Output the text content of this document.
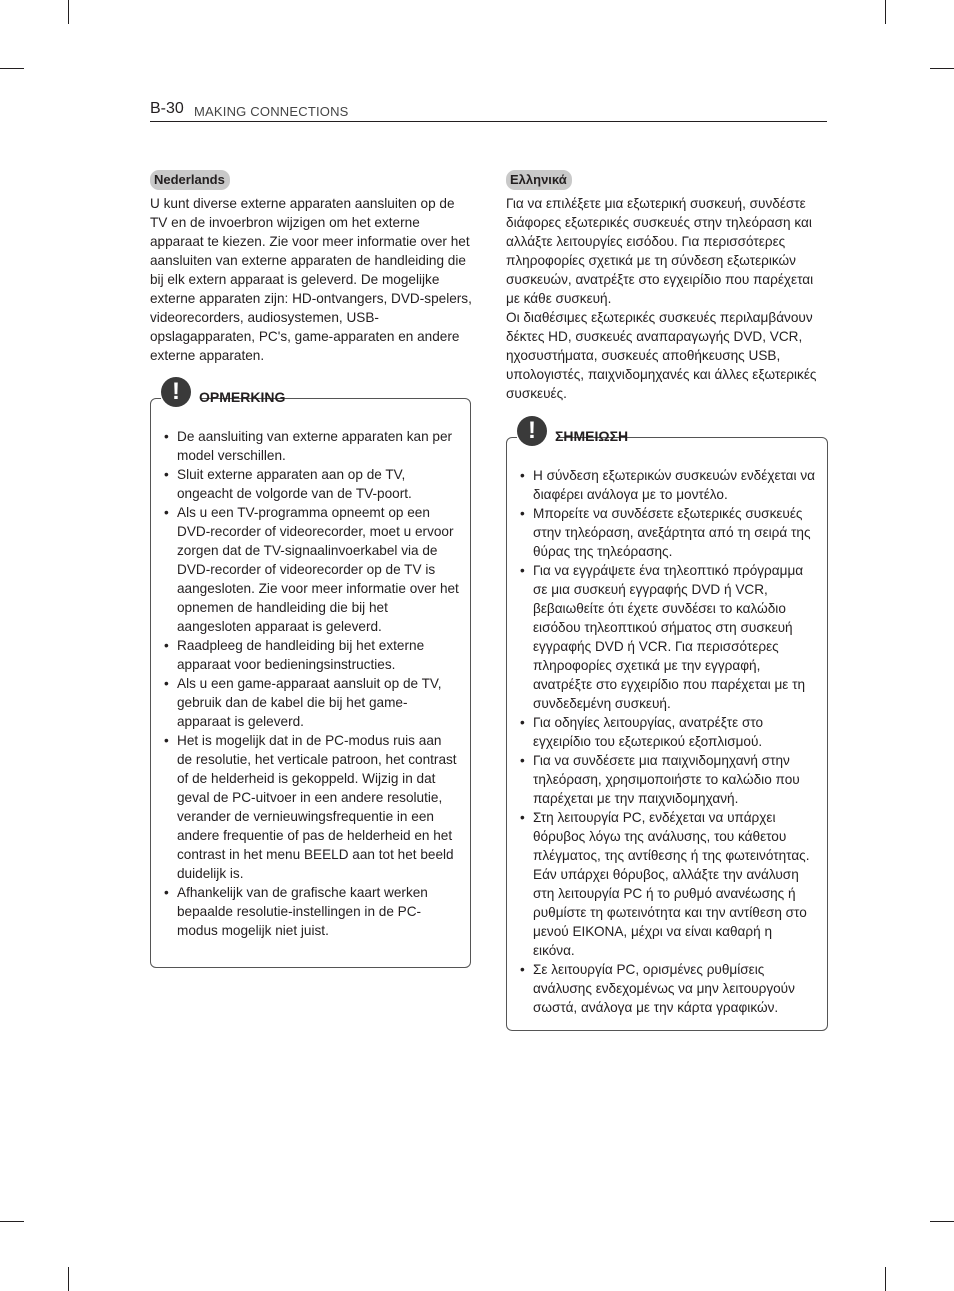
B-30 MAKING CONNECTIONS
Nederlands

U kunt diverse externe apparaten aansluiten op de TV en de invoerbron wijzigen om het externe apparaat te kiezen. Zie voor meer informatie over het aansluiten van externe apparaten de handleiding die bij elk extern apparaat is geleverd. De mogelijke externe apparaten zijn: HD-ontvangers, DVD-spelers, videorecorders, audiosystemen, USB-opslagapparaten, PC's, game-apparaten en andere externe apparaten.

!	OPMERKING
• De aansluiting van externe apparaten kan per model verschillen.
• Sluit externe apparaten aan op de TV, ongeacht de volgorde van de TV-poort.
• Als u een TV-programma opneemt op een DVD-recorder of videorecorder, moet u ervoor zorgen dat de TV-signaalinvoerkabel via de DVD-recorder of videorecorder op de TV is aangesloten. Zie voor meer informatie over het opnemen de handleiding die bij het aangesloten apparaat is geleverd.
• Raadpleeg de handleiding bij het externe apparaat voor bedieningsinstructies.
• Als u een game-apparaat aansluit op de TV, gebruik dan de kabel die bij het game-apparaat is geleverd.
• Het is mogelijk dat in de PC-modus ruis aan de resolutie, het verticale patroon, het contrast of de helderheid is gekoppeld. Wijzig in dat geval de PC-uitvoer in een andere resolutie, verander de vernieuwingsfrequentie in een andere frequentie of pas de helderheid en het contrast in het menu BEELD aan tot het beeld duidelijk is.
• Afhankelijk van de grafische kaart werken bepaalde resolutie-instellingen in de PC-modus mogelijk niet juist.
Ελληνικά

Για να επιλέξετε μια εξωτερική συσκευή, συνδέστε διάφορες εξωτερικές συσκευές στην τηλεόραση και αλλάξτε λειτουργίες εισόδου. Για περισσότερες πληροφορίες σχετικά με τη σύνδεση εξωτερικών συσκευών, ανατρέξτε στο εγχειρίδιο που παρέχεται με κάθε συσκευή.

Οι διαθέσιμες εξωτερικές συσκευές περιλαμβάνουν δέκτες HD, συσκευές αναπαραγωγής DVD, VCR, ηχοσυστήματα, συσκευές αποθήκευσης USB, υπολογιστές, παιχνιδομηχανές και άλλες εξωτερικές συσκευές.

!	ΣΗΜΕΙΩΣΗ
• Η σύνδεση εξωτερικών συσκευών ενδέχεται να διαφέρει ανάλογα με το μοντέλο.
• Μπορείτε να συνδέσετε εξωτερικές συσκευές στην τηλεόραση, ανεξάρτητα από τη σειρά της θύρας της τηλεόρασης.
• Για να εγγράψετε ένα τηλεοπτικό πρόγραμμα σε μια συσκευή εγγραφής DVD ή VCR, βεβαιωθείτε ότι έχετε συνδέσει το καλώδιο εισόδου τηλεοπτικού σήματος στη συσκευή εγγραφής DVD ή VCR. Για περισσότερες πληροφορίες σχετικά με την εγγραφή, ανατρέξτε στο εγχειρίδιο που παρέχεται με τη συνδεδεμένη συσκευή.
• Για οδηγίες λειτουργίας, ανατρέξτε στο εγχειρίδιο του εξωτερικού εξοπλισμού.
• Για να συνδέσετε μια παιχνιδομηχανή στην τηλεόραση, χρησιμοποιήστε το καλώδιο που παρέχεται με την παιχνιδομηχανή.
• Στη λειτουργία PC, ενδέχεται να υπάρχει θόρυβος λόγω της ανάλυσης, του κάθετου πλέγματος, της αντίθεσης ή της φωτεινότητας. Εάν υπάρχει θόρυβος, αλλάξτε την ανάλυση στη λειτουργία PC ή το ρυθμό ανανέωσης ή ρυθμίστε τη φωτεινότητα και την αντίθεση στο μενού ΕΙΚΟΝΑ, μέχρι να είναι καθαρή η εικόνα.
• Σε λειτουργία PC, ορισμένες ρυθμίσεις ανάλυσης ενδεχομένως να μην λειτουργούν σωστά, ανάλογα με την κάρτα γραφικών.
